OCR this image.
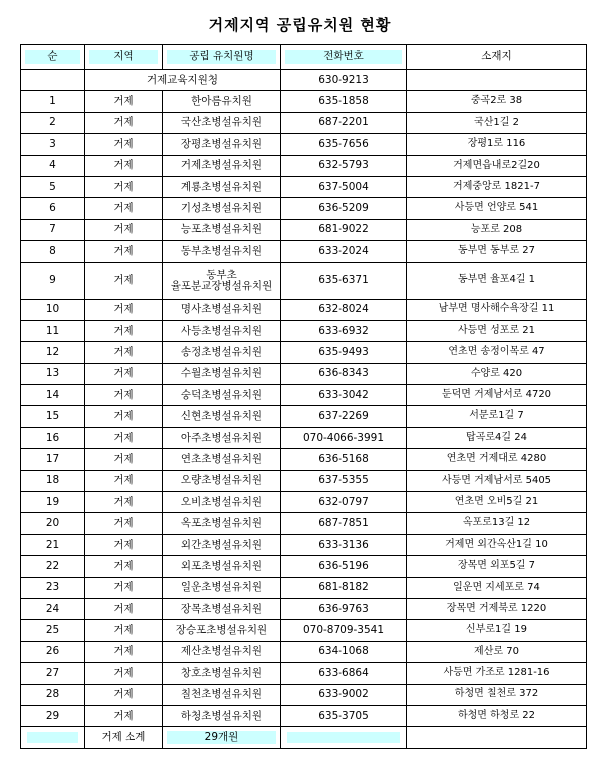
거제지역 공립유치원 현황
순	지역	공립 유치원명	전화번호	소재지
	거제교육지원청		630-9213	
1	거제	한아름유치원	635-1858	중곡2로 38
2	거제	국산초병설유치원	687-2201	국산1길 2
3	거제	장평초병설유치원	635-7656	장평1로 116
4	거제	거제초병설유치원	632-5793	거제면읍내로2길20
5	거제	계룡초병설유치원	637-5004	거제중앙로 1821-7
6	거제	기성초병설유치원	636-5209	사등면 언양로 541
7	거제	능포초병설유치원	681-9022	능포로 208
8	거제	동부초병설유치원	633-2024	동부면 동부로 27
9	거제	동부초
율포분교장병설유치원	635-6371	동부면 율포4길 1
10	거제	명사초병설유치원	632-8024	남부면 명사해수욕장길 11
11	거제	사등초병설유치원	633-6932	사등면 성포로 21
12	거제	송정초병설유치원	635-9493	연초면 송정이목로 47
13	거제	수월초병설유치원	636-8343	수양로 420
14	거제	숭덕초병설유치원	633-3042	둔덕면 거제남서로 4720
15	거제	신현초병설유치원	637-2269	서문로1길 7
16	거제	아주초병설유치원	070-4066-3991	탑곡로4길 24
17	거제	연초초병설유치원	636-5168	연초면 거제대로 4280
18	거제	오량초병설유치원	637-5355	사등면 거제남서로 5405
19	거제	오비초병설유치원	632-0797	연초면 오비5길 21
20	거제	옥포초병설유치원	687-7851	옥포로13길 12
21	거제	외간초병설유치원	633-3136	거제면 외간옥산1길 10
22	거제	외포초병설유치원	636-5196	장목면 외포5길 7
23	거제	일운초병설유치원	681-8182	일운면 지세포로 74
24	거제	장목초병설유치원	636-9763	장목면 거제북로 1220
25	거제	장승포초병설유치원	070-8709-3541	신부로1길 19
26	거제	제산초병설유치원	634-1068	제산로 70
27	거제	창호초병설유치원	633-6864	사등면 가조로 1281-16
28	거제	칠천초병설유치원	633-9002	하청면 칠천로 372
29	거제	하청초병설유치원	635-3705	하청면 하청로 22

	거제 소계	29개원		
